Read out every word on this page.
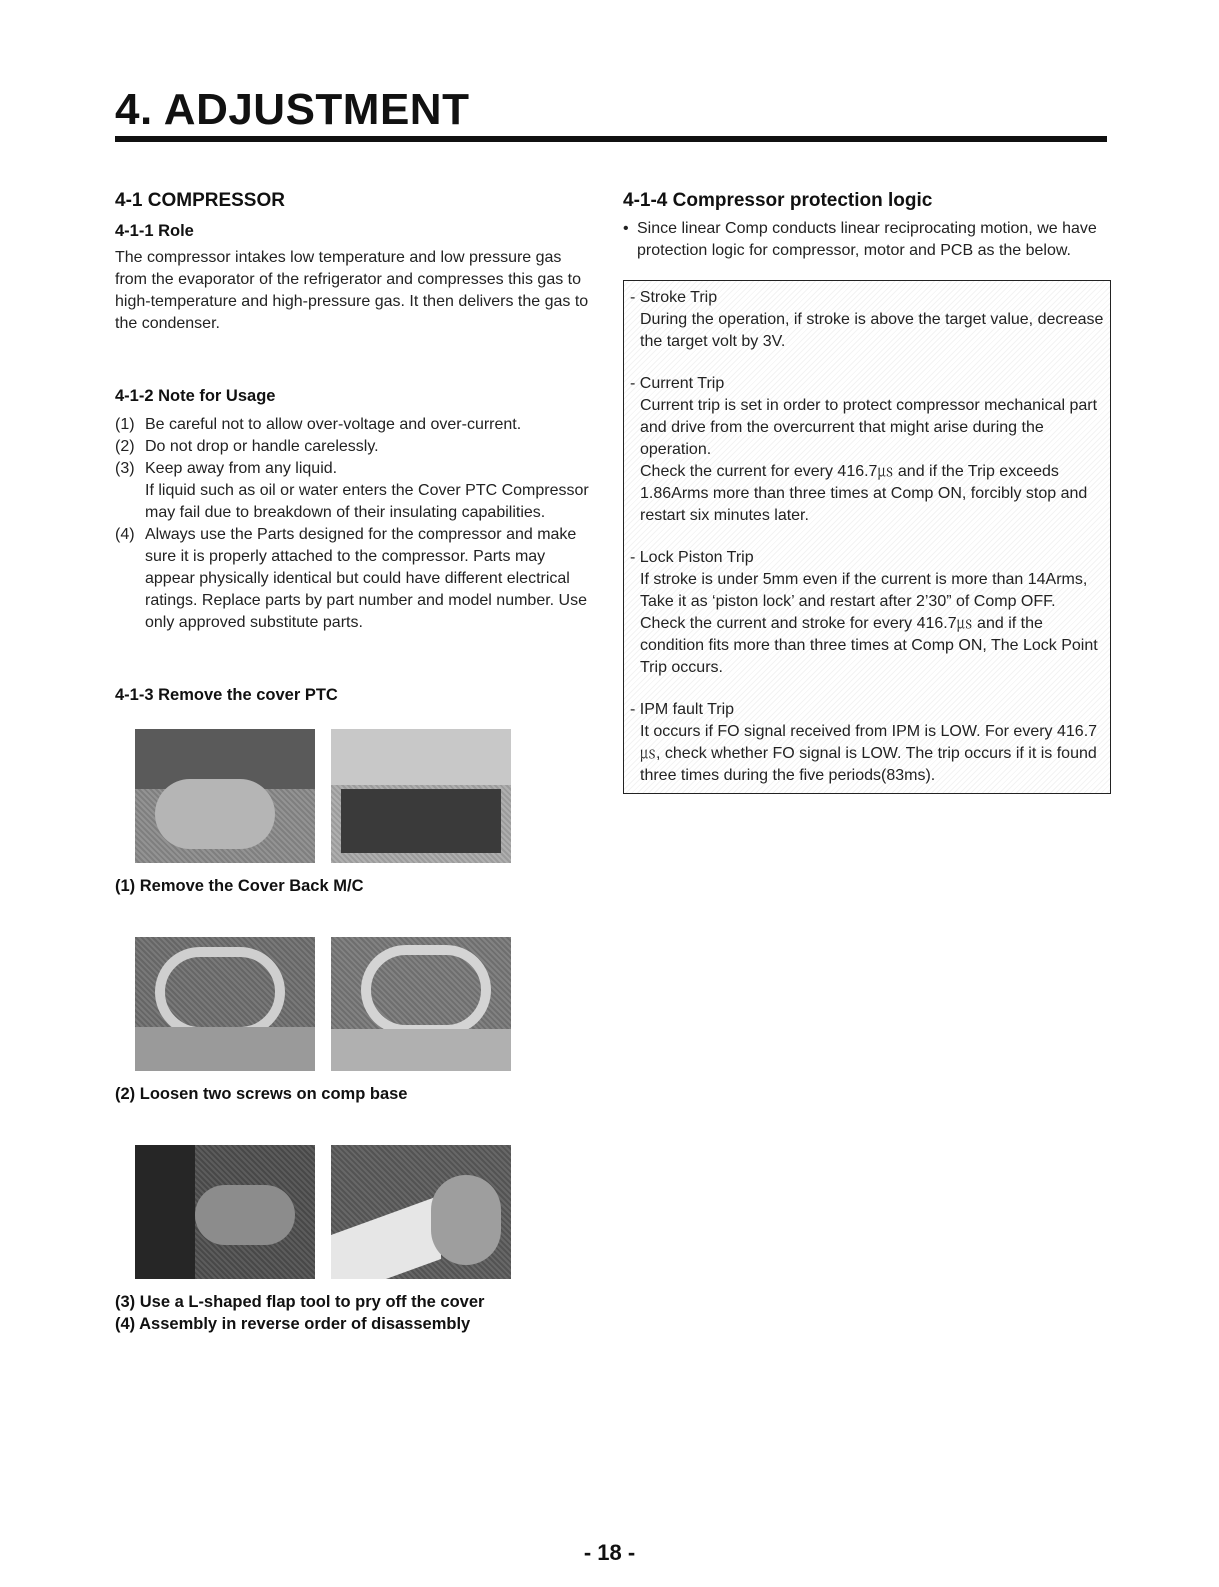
4. ADJUSTMENT
4-1 COMPRESSOR
4-1-1 Role

The compressor intakes low temperature and low pressure gas from the evaporator of the refrigerator and compresses this gas to high-temperature and high-pressure gas. It then delivers the gas to the condenser.

4-1-2 Note for Usage
(1) Be careful not to allow over-voltage and over-current.
(2) Do not drop or handle carelessly.
(3) Keep away from any liquid.
If liquid such as oil or water enters the Cover PTC Compressor may fail due to breakdown of their insulating capabilities.
(4) Always use the Parts designed for the compressor and make sure it is properly attached to the compressor. Parts may appear physically identical but could have different electrical ratings. Replace parts by part number and model number. Use only approved substitute parts.
4-1-3 Remove the cover PTC
(1) Remove the Cover Back M/C
(2) Loosen two screws on comp base
(3) Use a L-shaped flap tool to pry off the cover
(4) Assembly in reverse order of disassembly
4-1-4 Compressor protection logic
• Since linear Comp conducts linear reciprocating motion, we have protection logic for compressor, motor and PCB as the below.
- Stroke Trip
During the operation, if stroke is above the target value, decrease the target volt by 3V.
- Current Trip
Current trip is set in order to protect compressor mechanical part and drive from the overcurrent that might arise during the operation.
Check the current for every 416.7㎲ and if the Trip exceeds 1.86Arms more than three times at Comp ON, forcibly stop and restart six minutes later.
- Lock Piston Trip
If stroke is under 5mm even if the current is more than 14Arms, Take it as ‘piston lock’ and restart after 2’30” of Comp OFF. Check the current and stroke for every 416.7㎲ and if the condition fits more than three times at Comp ON, The Lock Point Trip occurs.
- IPM fault Trip
It occurs if FO signal received from IPM is LOW. For every 416.7㎲, check whether FO signal is LOW. The trip occurs if it is found three times during the five periods(83ms).
- 18 -
